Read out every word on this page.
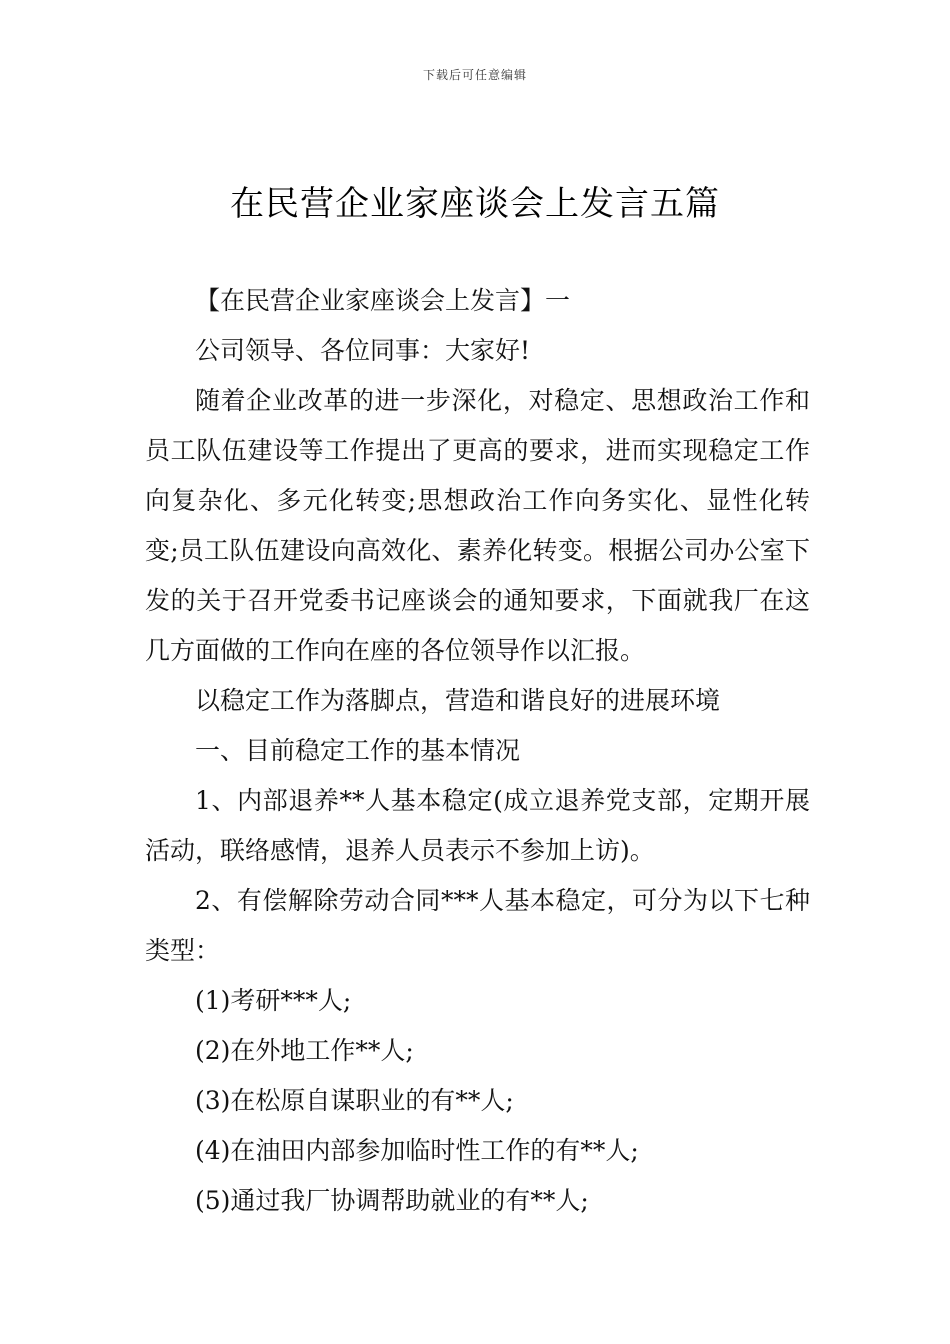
下载后可任意编辑
在民营企业家座谈会上发言五篇

【在民营企业家座谈会上发言】一

公司领导、各位同事：大家好!

随着企业改革的进一步深化，对稳定、思想政治工作和员工队伍建设等工作提出了更高的要求，进而实现稳定工作向复杂化、多元化转变;思想政治工作向务实化、显性化转变;员工队伍建设向高效化、素养化转变。根据公司办公室下发的关于召开党委书记座谈会的通知要求，下面就我厂在这几方面做的工作向在座的各位领导作以汇报。

以稳定工作为落脚点，营造和谐良好的进展环境

一、目前稳定工作的基本情况

1、内部退养**人基本稳定(成立退养党支部，定期开展活动，联络感情，退养人员表示不参加上访)。

2、有偿解除劳动合同***人基本稳定，可分为以下七种类型：

(1)考研***人;

(2)在外地工作**人;

(3)在松原自谋职业的有**人;

(4)在油田内部参加临时性工作的有**人;

(5)通过我厂协调帮助就业的有**人;
